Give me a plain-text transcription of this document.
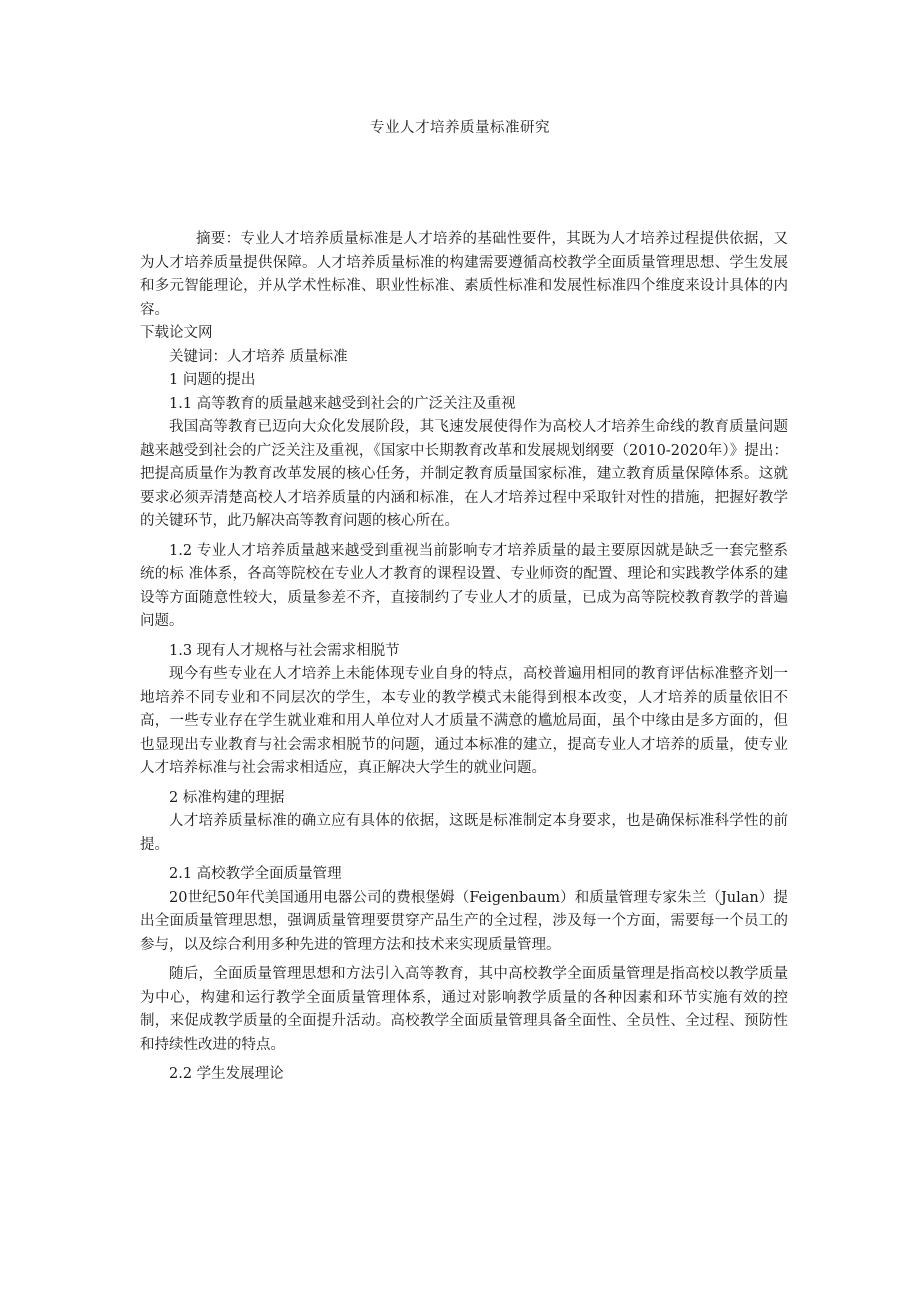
专业人才培养质量标准研究

摘要：专业人才培养质量标准是人才培养的基础性要件，其既为人才培养过程提供依据，又为人才培养质量提供保障。人才培养质量标准的构建需要遵循高校教学全面质量管理思想、学生发展和多元智能理论，并从学术性标准、职业性标准、素质性标准和发展性标准四个维度来设计具体的内容。

下载论文网

关键词：人才培养 质量标准

1 问题的提出

1.1 高等教育的质量越来越受到社会的广泛关注及重视

我国高等教育已迈向大众化发展阶段，其飞速发展使得作为高校人才培养生命线的教育质量问题越来越受到社会的广泛关注及重视，《国家中长期教育改革和发展规划纲要（2010-2020年）》提出：把提高质量作为教育改革发展的核心任务，并制定教育质量国家标准，建立教育质量保障体系。这就要求必须弄清楚高校人才培养质量的内涵和标准，在人才培养过程中采取针对性的措施，把握好教学的关键环节，此乃解决高等教育问题的核心所在。

1.2 专业人才培养质量越来越受到重视当前影响专才培养质量的最主要原因就是缺乏一套完整系统的标 准体系，各高等院校在专业人才教育的课程设置、专业师资的配置、理论和实践教学体系的建设等方面随意性较大，质量参差不齐，直接制约了专业人才的质量，已成为高等院校教育教学的普遍问题。

1.3 现有人才规格与社会需求相脱节

现今有些专业在人才培养上未能体现专业自身的特点，高校普遍用相同的教育评估标准整齐划一地培养不同专业和不同层次的学生，本专业的教学模式未能得到根本改变，人才培养的质量依旧不高，一些专业存在学生就业难和用人单位对人才质量不满意的尴尬局面，虽个中缘由是多方面的，但也显现出专业教育与社会需求相脱节的问题，通过本标准的建立，提高专业人才培养的质量，使专业人才培养标准与社会需求相适应，真正解决大学生的就业问题。

2 标准构建的理据

人才培养质量标准的确立应有具体的依据，这既是标准制定本身要求，也是确保标准科学性的前提。

2.1 高校教学全面质量管理

20世纪50年代美国通用电器公司的费根堡姆（Feigenbaum）和质量管理专家朱兰（Julan）提出全面质量管理思想，强调质量管理要贯穿产品生产的全过程，涉及每一个方面，需要每一个员工的参与，以及综合利用多种先进的管理方法和技术来实现质量管理。

随后，全面质量管理思想和方法引入高等教育，其中高校教学全面质量管理是指高校以教学质量为中心，构建和运行教学全面质量管理体系，通过对影响教学质量的各种因素和环节实施有效的控制，来促成教学质量的全面提升活动。高校教学全面质量管理具备全面性、全员性、全过程、预防性和持续性改进的特点。

2.2 学生发展理论
